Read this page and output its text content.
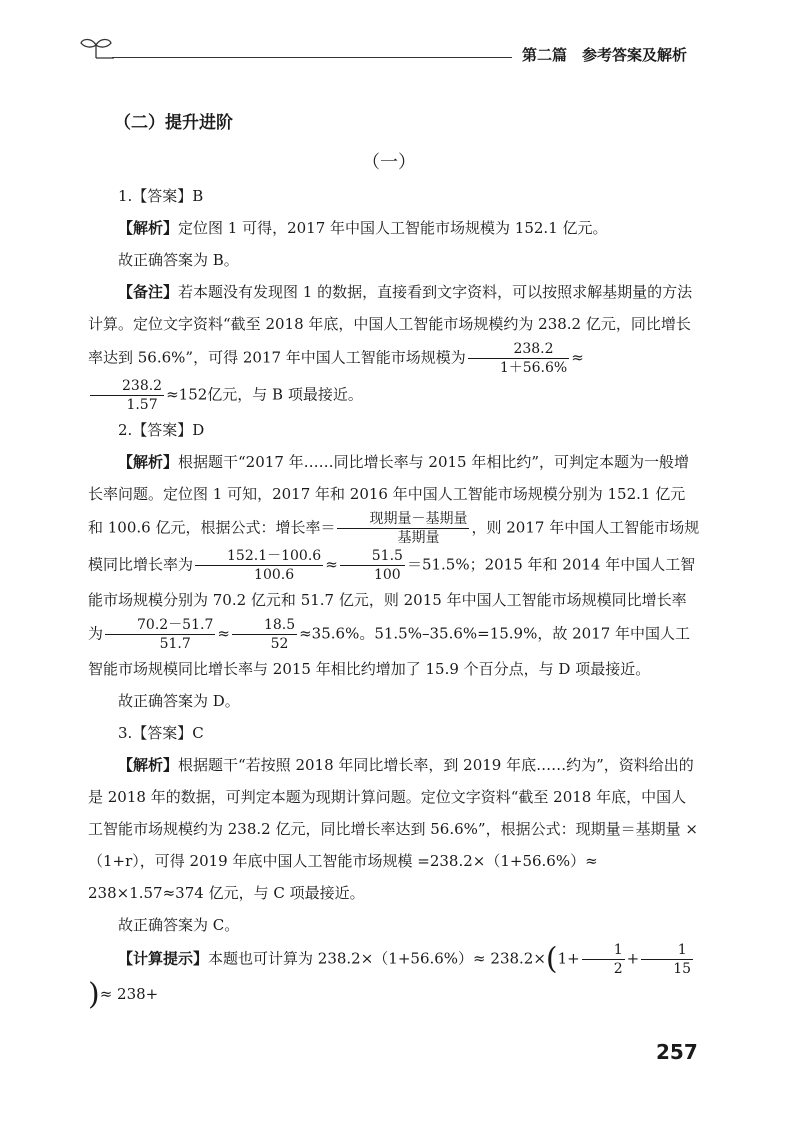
第二篇　参考答案及解析
（二）提升进阶
（一）

1.【答案】B

【解析】定位图 1 可得，2017 年中国人工智能市场规模为 152.1 亿元。

故正确答案为 B。

【备注】若本题没有发现图 1 的数据，直接看到文字资料，可以按照求解基期量的方法计算。定位文字资料“截至 2018 年底，中国人工智能市场规模约为 238.2 亿元，同比增长率达到 56.6%”，可得 2017 年中国人工智能市场规模为 $\frac{238.2}{1+56.6\%}$ ≈

$\frac{238.2}{1.57} \approx 152$亿元，与 B 项最接近。

2.【答案】D

【解析】根据题干“2017 年……同比增长率与 2015 年相比约”，可判定本题为一般增长率问题。定位图 1 可知，2017 年和 2016 年中国人工智能市场规模分别为 152.1 亿元和 100.6 亿元，根据公式：增长率＝ $\frac{\text{现期量－基期量}}{\text{基期量}}$ ，则 2017 年中国人工智能市场规模同比增长率为 $\frac{152.1-100.6}{100.6} \approx \frac{51.5}{100} =51.5\%$；2015 年和 2014 年中国人工智能市场规模分别为 70.2 亿元和 51.7 亿元，则 2015 年中国人工智能市场规模同比增长率为 $\frac{70.2-51.7}{51.7} \approx \frac{18.5}{52} \approx 35.6\%$。51.5%–35.6%=15.9%，故 2017 年中国人工智能市场规模同比增长率与 2015 年相比约增加了 15.9 个百分点，与 D 项最接近。

故正确答案为 D。

3.【答案】C

【解析】根据题干“若按照 2018 年同比增长率，到 2019 年底……约为”，资料给出的是 2018 年的数据，可判定本题为现期计算问题。定位文字资料“截至 2018 年底，中国人工智能市场规模约为 238.2 亿元，同比增长率达到 56.6%”，根据公式：现期量＝基期量 ×（1+r），可得 2019 年底中国人工智能市场规模 =238.2×（1+56.6%）≈ 238×1.57≈374 亿元，与 C 项最接近。

故正确答案为 C。

【计算提示】本题也可计算为 $238.2\times(1+56.6\%)\approx 238.2\times(1+ \frac{1}{2} + \frac{1}{15}$
)≈ 238+

257
